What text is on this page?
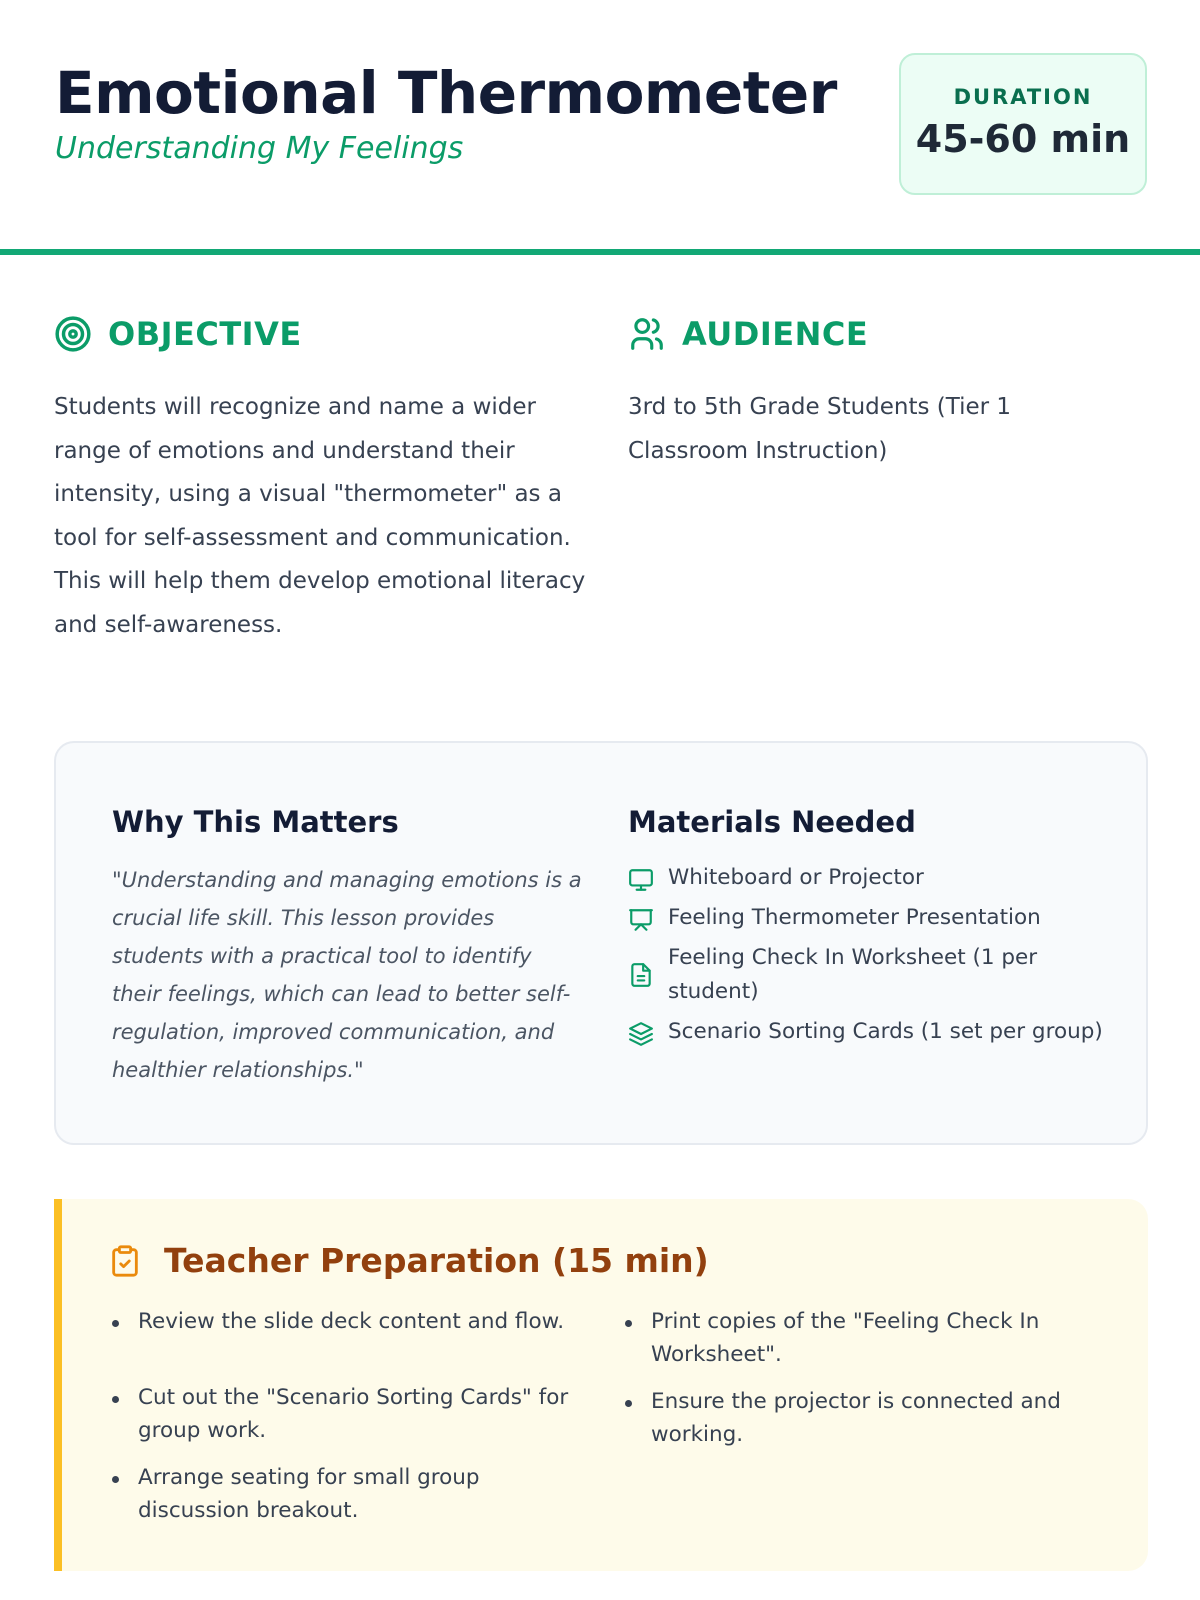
Emotional Thermometer
Understanding My Feelings
DURATION
45-60 min
OBJECTIVE

Students will recognize and name a wider range of emotions and understand their intensity, using a visual "thermometer" as a tool for self-assessment and communication. This will help them develop emotional literacy and self-awareness.

AUDIENCE

3rd to 5th Grade Students (Tier 1 Classroom Instruction)

Why This Matters

"Understanding and managing emotions is a crucial life skill. This lesson provides students with a practical tool to identify their feelings, which can lead to better self-regulation, improved communication, and healthier relationships."

Materials Needed
Whiteboard or Projector
Feeling Thermometer Presentation
Feeling Check In Worksheet (1 per student)
Scenario Sorting Cards (1 set per group)
Teacher Preparation (15 min)
Review the slide deck content and flow.
Cut out the "Scenario Sorting Cards" for group work.
Arrange seating for small group discussion breakout.
Print copies of the "Feeling Check In Worksheet".
Ensure the projector is connected and working.
